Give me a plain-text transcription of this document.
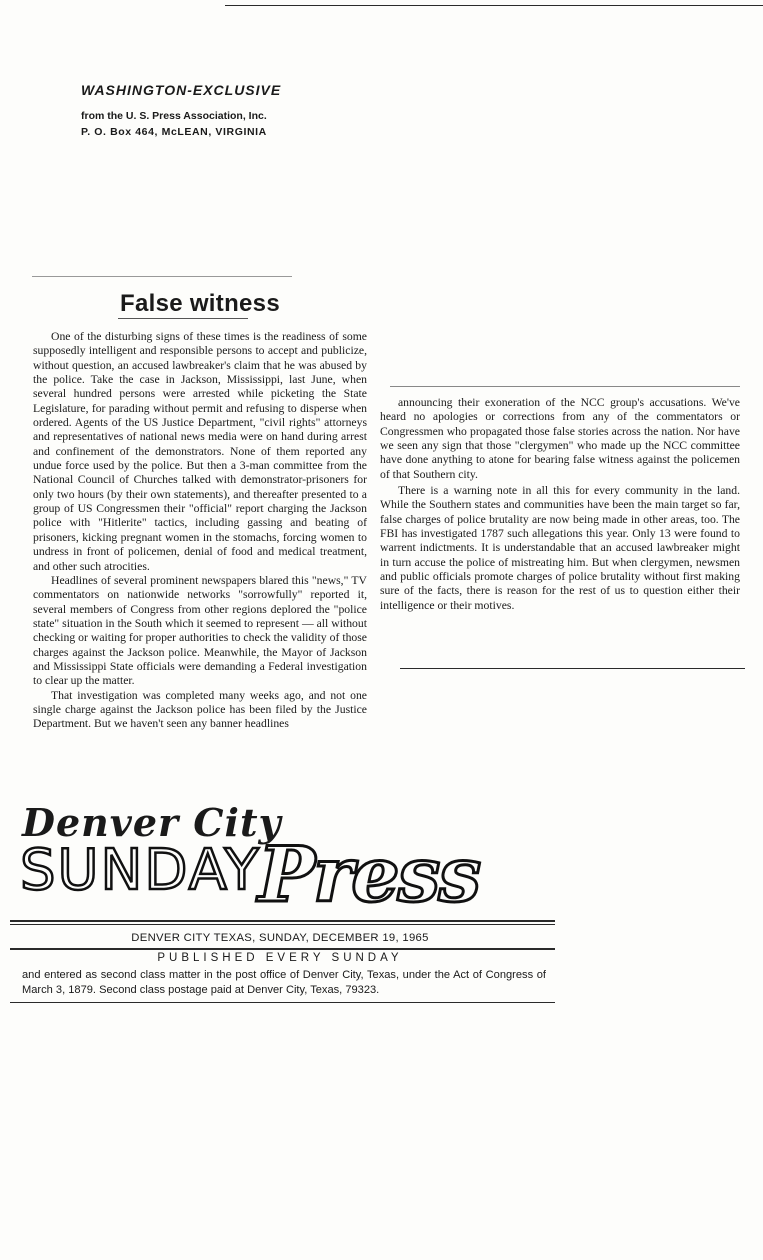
WASHINGTON-EXCLUSIVE

from the U. S. Press Association, Inc.

P. O. Box 464, McLEAN, VIRGINIA

False witness

One of the disturbing signs of these times is the readiness of some supposedly intelligent and responsible persons to accept and publicize, without question, an accused lawbreaker's claim that he was abused by the police. Take the case in Jackson, Mississippi, last June, when several hundred persons were arrested while picketing the State Legislature, for parading without permit and refusing to disperse when ordered. Agents of the US Justice Department, "civil rights" attorneys and representatives of national news media were on hand during arrest and confinement of the demonstrators. None of them reported any undue force used by the police. But then a 3-man committee from the National Council of Churches talked with demonstrator-prisoners for only two hours (by their own statements), and thereafter presented to a group of US Congressmen their "official" report charging the Jackson police with "Hitlerite" tactics, including gassing and beating of prisoners, kicking pregnant women in the stomachs, forcing women to undress in front of policemen, denial of food and medical treatment, and other such atrocities.

Headlines of several prominent newspapers blared this "news," TV commentators on nationwide networks "sorrowfully" reported it, several members of Congress from other regions deplored the "police state" situation in the South which it seemed to represent — all without checking or waiting for proper authorities to check the validity of those charges against the Jackson police. Meanwhile, the Mayor of Jackson and Mississippi State officials were demanding a Federal investigation to clear up the matter.

That investigation was completed many weeks ago, and not one single charge against the Jackson police has been filed by the Justice Department. But we haven't seen any banner headlines

announcing their exoneration of the NCC group's accusations. We've heard no apologies or corrections from any of the commentators or Congressmen who propagated those false stories across the nation. Nor have we seen any sign that those "clergymen" who made up the NCC committee have done anything to atone for bearing false witness against the policemen of that Southern city.

There is a warning note in all this for every community in the land. While the Southern states and communities have been the main target so far, false charges of police brutality are now being made in other areas, too. The FBI has investigated 1787 such allegations this year. Only 13 were found to warrent indictments. It is understandable that an accused lawbreaker might in turn accuse the police of mistreating him. But when clergymen, newsmen and public officials promote charges of police brutality without first making sure of the facts, there is reason for the rest of us to question either their intelligence or their motives.

Denver City
SUNDAY
Press

DENVER CITY TEXAS, SUNDAY, DECEMBER 19, 1965

PUBLISHED EVERY SUNDAY

and entered as second class matter in the post office of Denver City, Texas, under the Act of Congress of March 3, 1879. Second class postage paid at Denver City, Texas, 79323.
